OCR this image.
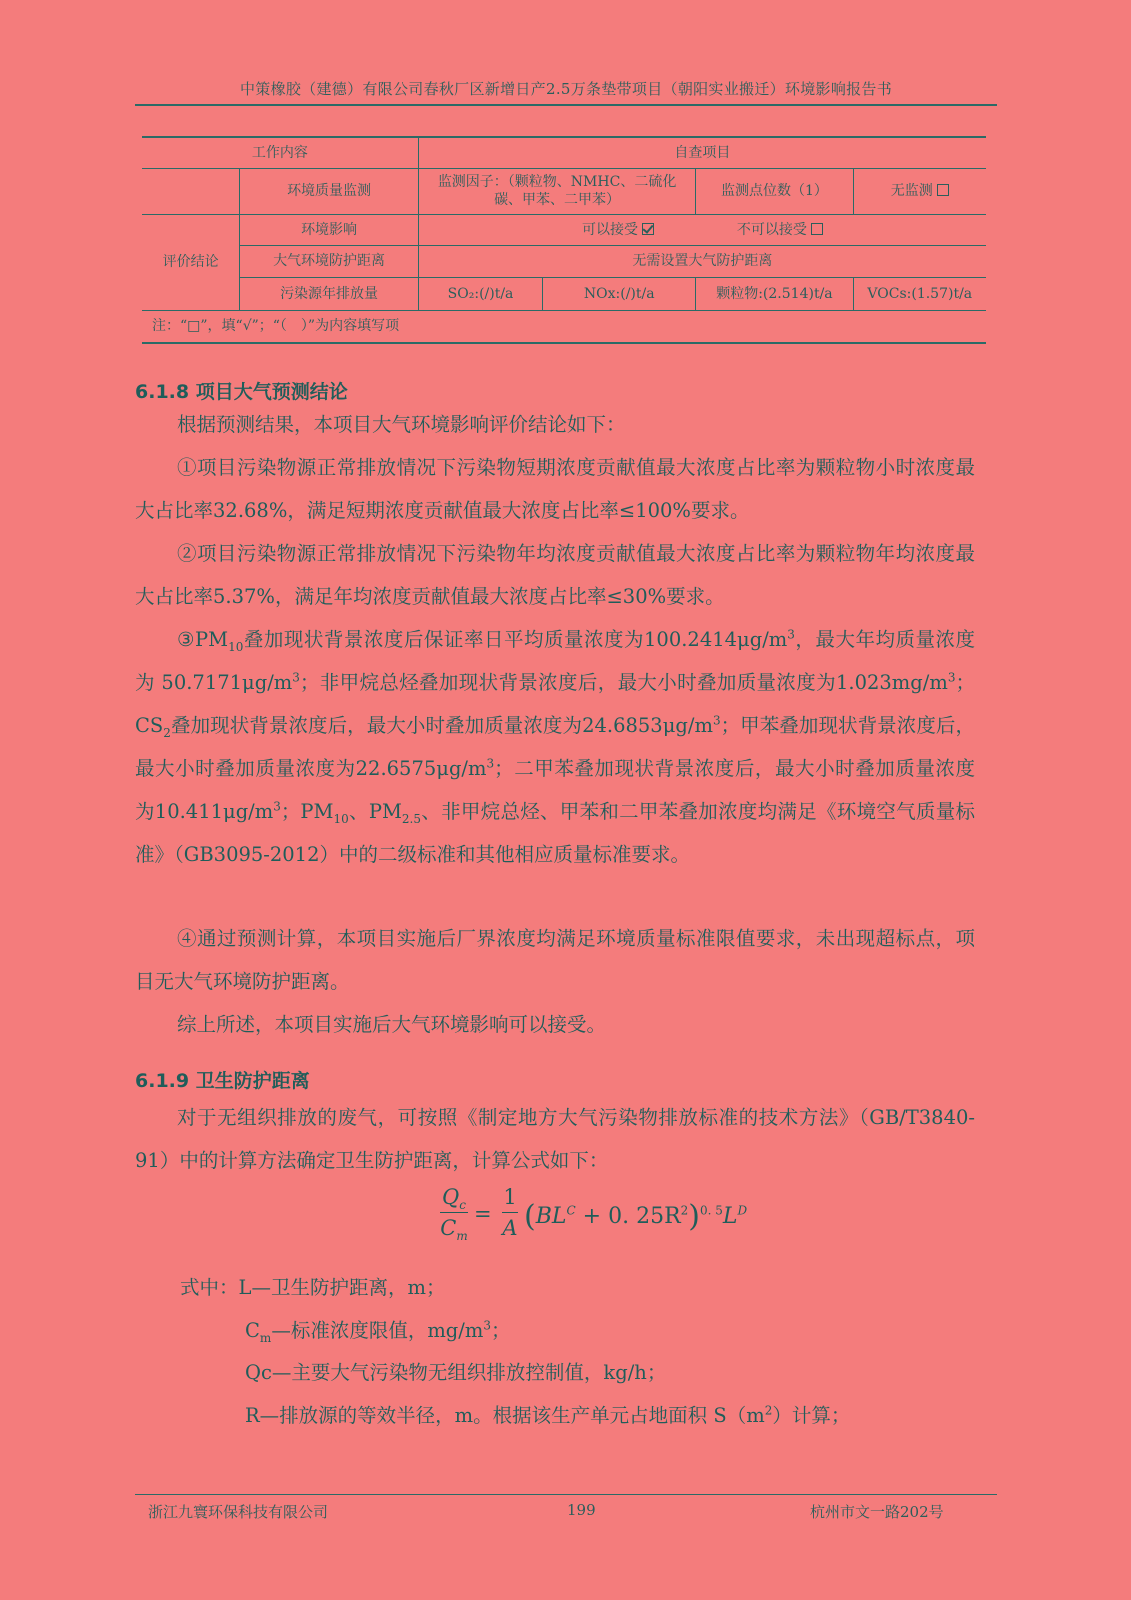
中策橡胶（建德）有限公司春秋厂区新增日产2.5万条垫带项目（朝阳实业搬迁）环境影响报告书
工作内容		自查项目			
	环境质量监测	监测因子：（颗粒物、NMHC、二硫化碳、甲苯、二甲苯）		监测点位数（1）	无监测
评价结论	环境影响	可以接受 不可以接受			
	大气环境防护距离	无需设置大气防护距离			
	污染源年排放量	SO₂:(/)t/a	NOx:(/)t/a	颗粒物:(2.514)t/a	VOCs:(1.57)t/a
注：“□”，填“√”；“（　）”为内容填写项					
6.1.8 项目大气预测结论

根据预测结果，本项目大气环境影响评价结论如下：

①项目污染物源正常排放情况下污染物短期浓度贡献值最大浓度占比率为颗粒物小时浓度最大占比率32.68%，满足短期浓度贡献值最大浓度占比率≤100%要求。

②项目污染物源正常排放情况下污染物年均浓度贡献值最大浓度占比率为颗粒物年均浓度最大占比率5.37%，满足年均浓度贡献值最大浓度占比率≤30%要求。

$③PM_{10}$叠加现状背景浓度后保证率日平均质量浓度为$100.2414\mu g/m^3$，最大年均质量浓度为 $50.7171\mu g/m^3$；非甲烷总烃叠加现状背景浓度后，最大小时叠加质量浓度为$1.023mg/m^3$；$CS_2$叠加现状背景浓度后，最大小时叠加质量浓度为$24.6853\mu g/m^3$；甲苯叠加现状背景浓度后，最大小时叠加质量浓度为$22.6575\mu g/m^3$；二甲苯叠加现状背景浓度后，最大小时叠加质量浓度为$10.411\mu g/m^3$；$PM_{10}$、$PM_{2.5}$、非甲烷总烃、甲苯和二甲苯叠加浓度均满足《环境空气质量标准》（GB3095-2012）中的二级标准和其他相应质量标准要求。

④通过预测计算，本项目实施后厂界浓度均满足环境质量标准限值要求，未出现超标点，项目无大气环境防护距离。

综上所述，本项目实施后大气环境影响可以接受。

6.1.9 卫生防护距离

对于无组织排放的废气，可按照《制定地方大气污染物排放标准的技术方法》（GB/T3840-91）中的计算方法确定卫生防护距离，计算公式如下：

$Q_c$
$C_m$
=
1
A ($BL^C + 0$. $25R^2)^{0. 5}L^D$
式中：L—卫生防护距离，m；
$C_m—$标准浓度限值，$mg/m^3$；
Qc—主要大气污染物无组织排放控制值，kg/h；
R—排放源的等效半径，m。根据该生产单元占地面积 $S(m^2)$计算；
浙江九寰环保科技有限公司	199	杭州市文一路202号
